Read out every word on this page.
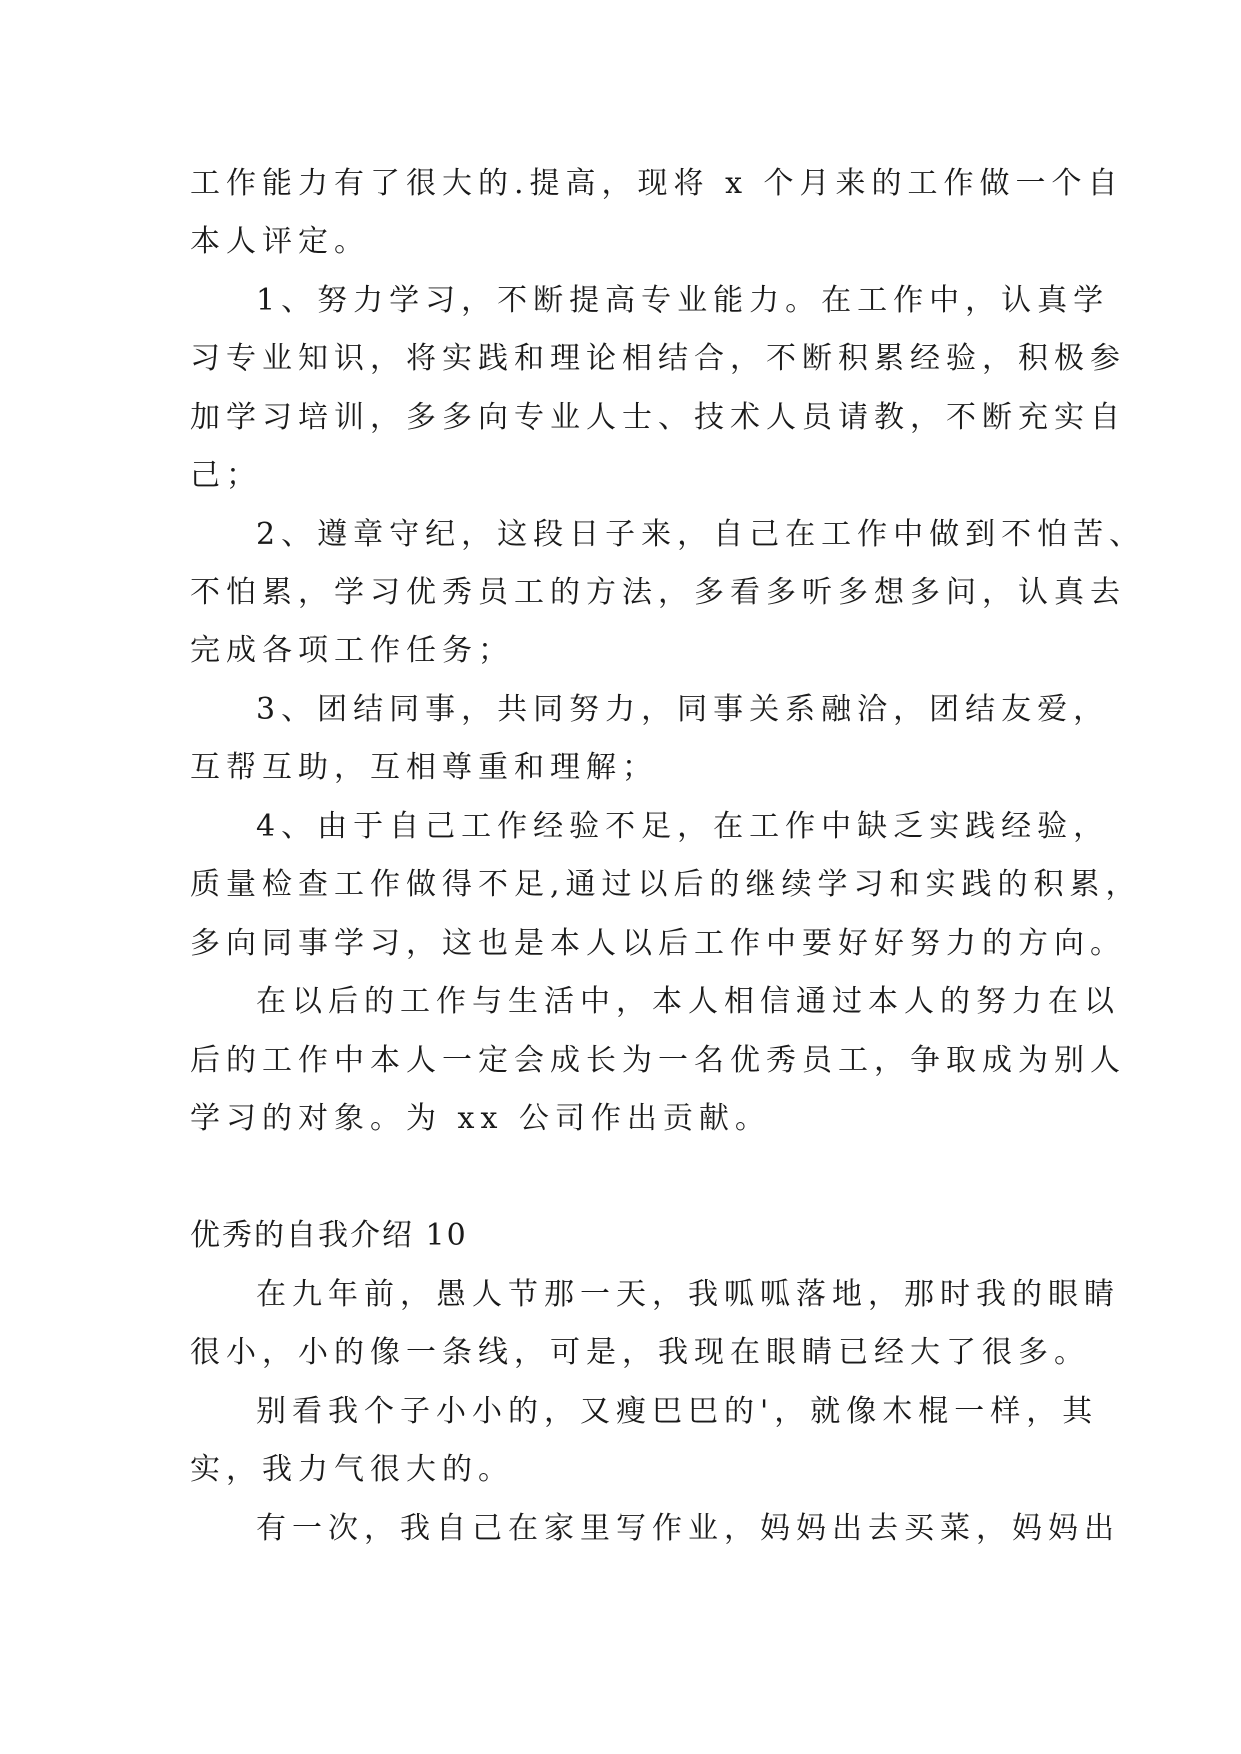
工作能力有了很大的.提高，现将 x 个月来的工作做一个自

本人评定。

1、努力学习，不断提高专业能力。在工作中，认真学

习专业知识，将实践和理论相结合，不断积累经验，积极参

加学习培训，多多向专业人士、技术人员请教，不断充实自

己；

2、遵章守纪，这段日子来，自己在工作中做到不怕苦、

不怕累，学习优秀员工的方法，多看多听多想多问，认真去

完成各项工作任务；

3、团结同事，共同努力，同事关系融洽，团结友爱，

互帮互助，互相尊重和理解；

4、由于自己工作经验不足，在工作中缺乏实践经验，

质量检查工作做得不足,通过以后的继续学习和实践的积累，

多向同事学习，这也是本人以后工作中要好好努力的方向。

在以后的工作与生活中，本人相信通过本人的努力在以

后的工作中本人一定会成长为一名优秀员工，争取成为别人

学习的对象。为 xx 公司作出贡献。

优秀的自我介绍 10

在九年前，愚人节那一天，我呱呱落地，那时我的眼睛

很小，小的像一条线，可是，我现在眼睛已经大了很多。

别看我个子小小的，又瘦巴巴的'，就像木棍一样，其

实，我力气很大的。

有一次，我自己在家里写作业，妈妈出去买菜，妈妈出
